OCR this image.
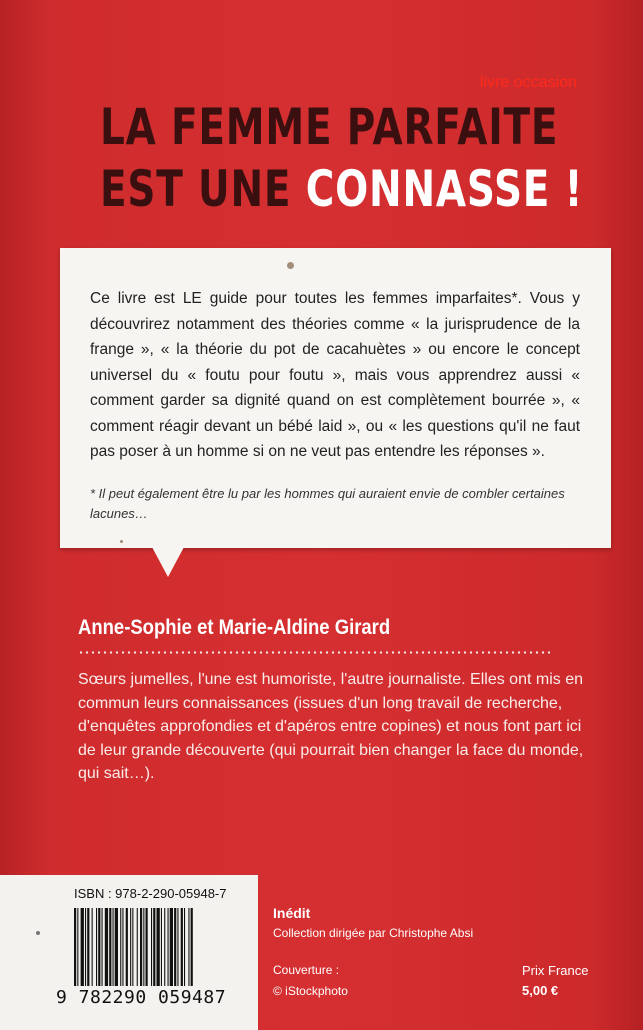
livre occasion
LA FEMME PARFAITE
EST UNE CONNASSE !
Ce livre est LE guide pour toutes les femmes imparfaites*. Vous y découvrirez notamment des théories comme « la jurisprudence de la frange », « la théorie du pot de cacahuètes » ou encore le concept universel du « foutu pour foutu », mais vous apprendrez aussi « comment garder sa dignité quand on est complètement bourrée », « comment réagir devant un bébé laid », ou « les questions qu'il ne faut pas poser à un homme si on ne veut pas entendre les réponses ».
* Il peut également être lu par les hommes qui auraient envie de combler certaines lacunes…
Anne-Sophie et Marie-Aldine Girard
Sœurs jumelles, l'une est humoriste, l'autre journaliste. Elles ont mis en commun leurs connaissances (issues d'un long travail de recherche, d'enquêtes approfondies et d'apéros entre copines) et nous font part ici de leur grande découverte (qui pourrait bien changer la face du monde, qui sait…).
ISBN : 978-2-290-05948-7
9 782290 059487
Inédit
Collection dirigée par Christophe Absi
Couverture :
© iStockphoto
Prix France
5,00 €
